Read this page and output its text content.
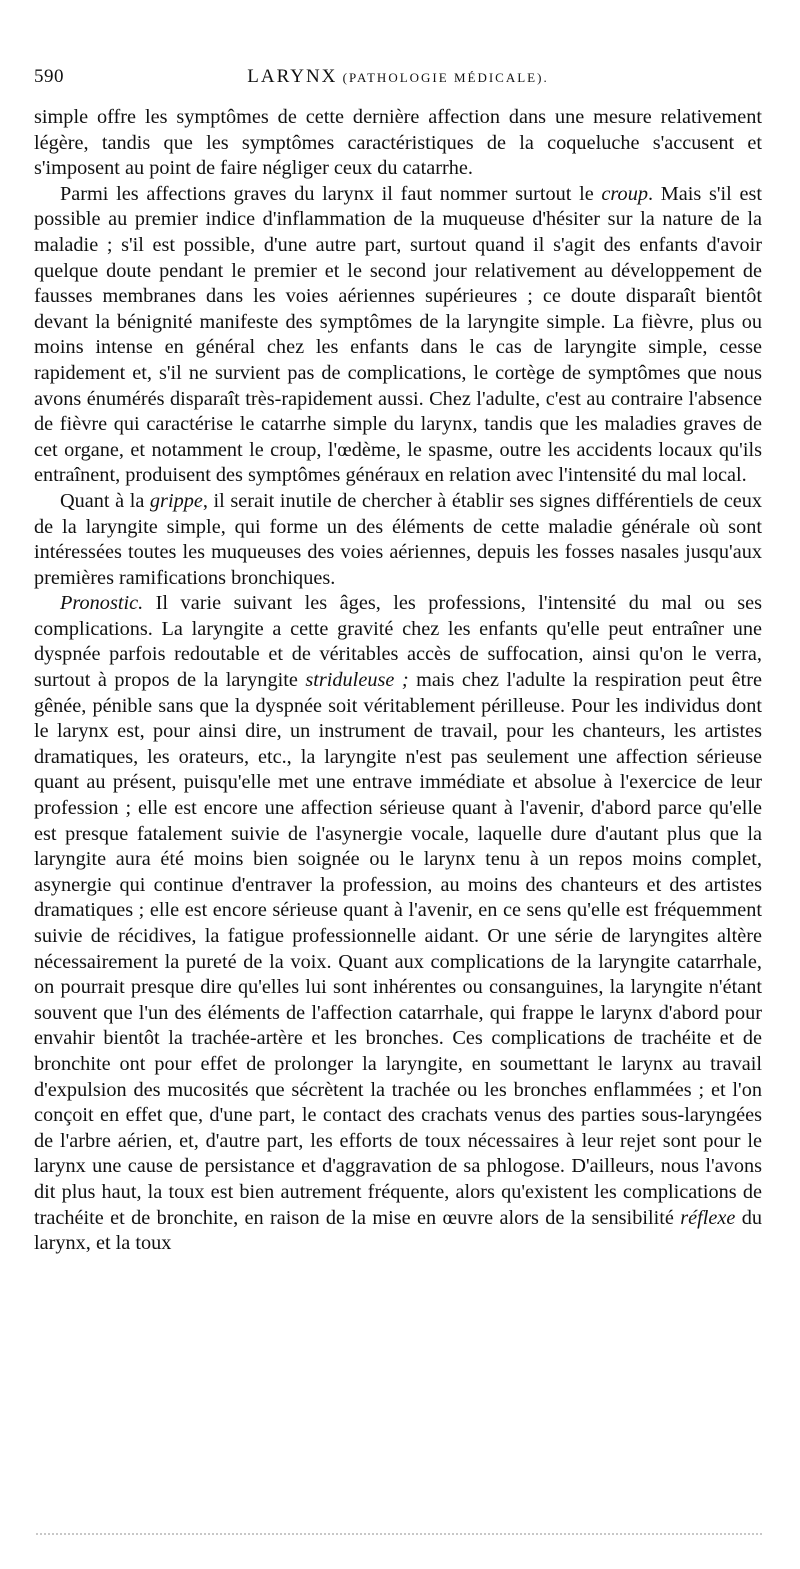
590	LARYNX (PATHOLOGIE MÉDICALE).

simple offre les symptômes de cette dernière affection dans une mesure relativement légère, tandis que les symptômes caractéristiques de la coqueluche s'accusent et s'imposent au point de faire négliger ceux du catarrhe.

Parmi les affections graves du larynx il faut nommer surtout le croup. Mais s'il est possible au premier indice d'inflammation de la muqueuse d'hésiter sur la nature de la maladie ; s'il est possible, d'une autre part, surtout quand il s'agit des enfants d'avoir quelque doute pendant le premier et le second jour relativement au développement de fausses membranes dans les voies aériennes supérieures ; ce doute disparaît bientôt devant la bénignité manifeste des symptômes de la laryngite simple. La fièvre, plus ou moins intense en général chez les enfants dans le cas de laryngite simple, cesse rapidement et, s'il ne survient pas de complications, le cortège de symptômes que nous avons énumérés disparaît très-rapidement aussi. Chez l'adulte, c'est au contraire l'absence de fièvre qui caractérise le catarrhe simple du larynx, tandis que les maladies graves de cet organe, et notamment le croup, l'œdème, le spasme, outre les accidents locaux qu'ils entraînent, produisent des symptômes généraux en relation avec l'intensité du mal local.

Quant à la grippe, il serait inutile de chercher à établir ses signes différentiels de ceux de la laryngite simple, qui forme un des éléments de cette maladie générale où sont intéressées toutes les muqueuses des voies aériennes, depuis les fosses nasales jusqu'aux premières ramifications bronchiques.

Pronostic. Il varie suivant les âges, les professions, l'intensité du mal ou ses complications. La laryngite a cette gravité chez les enfants qu'elle peut entraîner une dyspnée parfois redoutable et de véritables accès de suffocation, ainsi qu'on le verra, surtout à propos de la laryngite striduleuse ; mais chez l'adulte la respiration peut être gênée, pénible sans que la dyspnée soit véritablement périlleuse. Pour les individus dont le larynx est, pour ainsi dire, un instrument de travail, pour les chanteurs, les artistes dramatiques, les orateurs, etc., la laryngite n'est pas seulement une affection sérieuse quant au présent, puisqu'elle met une entrave immédiate et absolue à l'exercice de leur profession ; elle est encore une affection sérieuse quant à l'avenir, d'abord parce qu'elle est presque fatalement suivie de l'asynergie vocale, laquelle dure d'autant plus que la laryngite aura été moins bien soignée ou le larynx tenu à un repos moins complet, asynergie qui continue d'entraver la profession, au moins des chanteurs et des artistes dramatiques ; elle est encore sérieuse quant à l'avenir, en ce sens qu'elle est fréquemment suivie de récidives, la fatigue professionnelle aidant. Or une série de laryngites altère nécessairement la pureté de la voix. Quant aux complications de la laryngite catarrhale, on pourrait presque dire qu'elles lui sont inhérentes ou consanguines, la laryngite n'étant souvent que l'un des éléments de l'affection catarrhale, qui frappe le larynx d'abord pour envahir bientôt la trachée-artère et les bronches. Ces complications de trachéite et de bronchite ont pour effet de prolonger la laryngite, en soumettant le larynx au travail d'expulsion des mucosités que sécrètent la trachée ou les bronches enflammées ; et l'on conçoit en effet que, d'une part, le contact des crachats venus des parties sous-laryngées de l'arbre aérien, et, d'autre part, les efforts de toux nécessaires à leur rejet sont pour le larynx une cause de persistance et d'aggravation de sa phlogose. D'ailleurs, nous l'avons dit plus haut, la toux est bien autrement fréquente, alors qu'existent les complications de trachéite et de bronchite, en raison de la mise en œuvre alors de la sensibilité réflexe du larynx, et la toux
